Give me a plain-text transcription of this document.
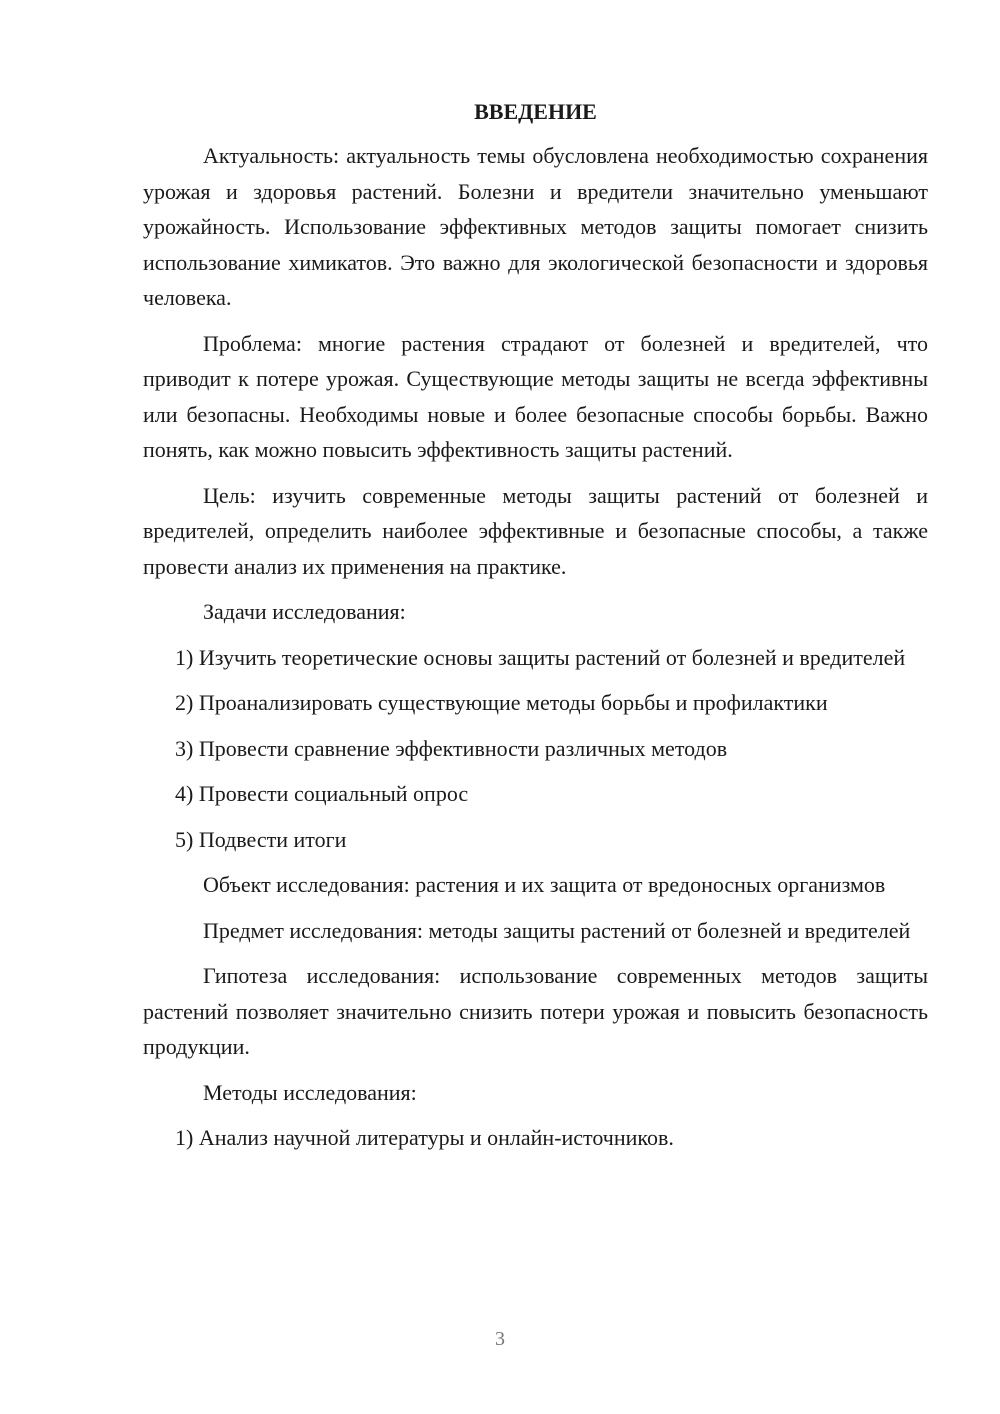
ВВЕДЕНИЕ

Актуальность: актуальность темы обусловлена необходимостью сохранения урожая и здоровья растений. Болезни и вредители значительно уменьшают урожайность. Использование эффективных методов защиты помогает снизить использование химикатов. Это важно для экологической безопасности и здоровья человека.

Проблема: многие растения страдают от болезней и вредителей, что приводит к потере урожая. Существующие методы защиты не всегда эффективны или безопасны. Необходимы новые и более безопасные способы борьбы. Важно понять, как можно повысить эффективность защиты растений.

Цель: изучить современные методы защиты растений от болезней и вредителей, определить наиболее эффективные и безопасные способы, а также провести анализ их применения на практике.

Задачи исследования:

1) Изучить теоретические основы защиты растений от болезней и вредителей

2) Проанализировать существующие методы борьбы и профилактики

3) Провести сравнение эффективности различных методов

4) Провести социальный опрос

5) Подвести итоги

Объект исследования: растения и их защита от вредоносных организмов

Предмет исследования: методы защиты растений от болезней и вредителей

Гипотеза исследования: использование современных методов защиты растений позволяет значительно снизить потери урожая и повысить безопасность продукции.

Методы исследования:

1) Анализ научной литературы и онлайн-источников.

3
